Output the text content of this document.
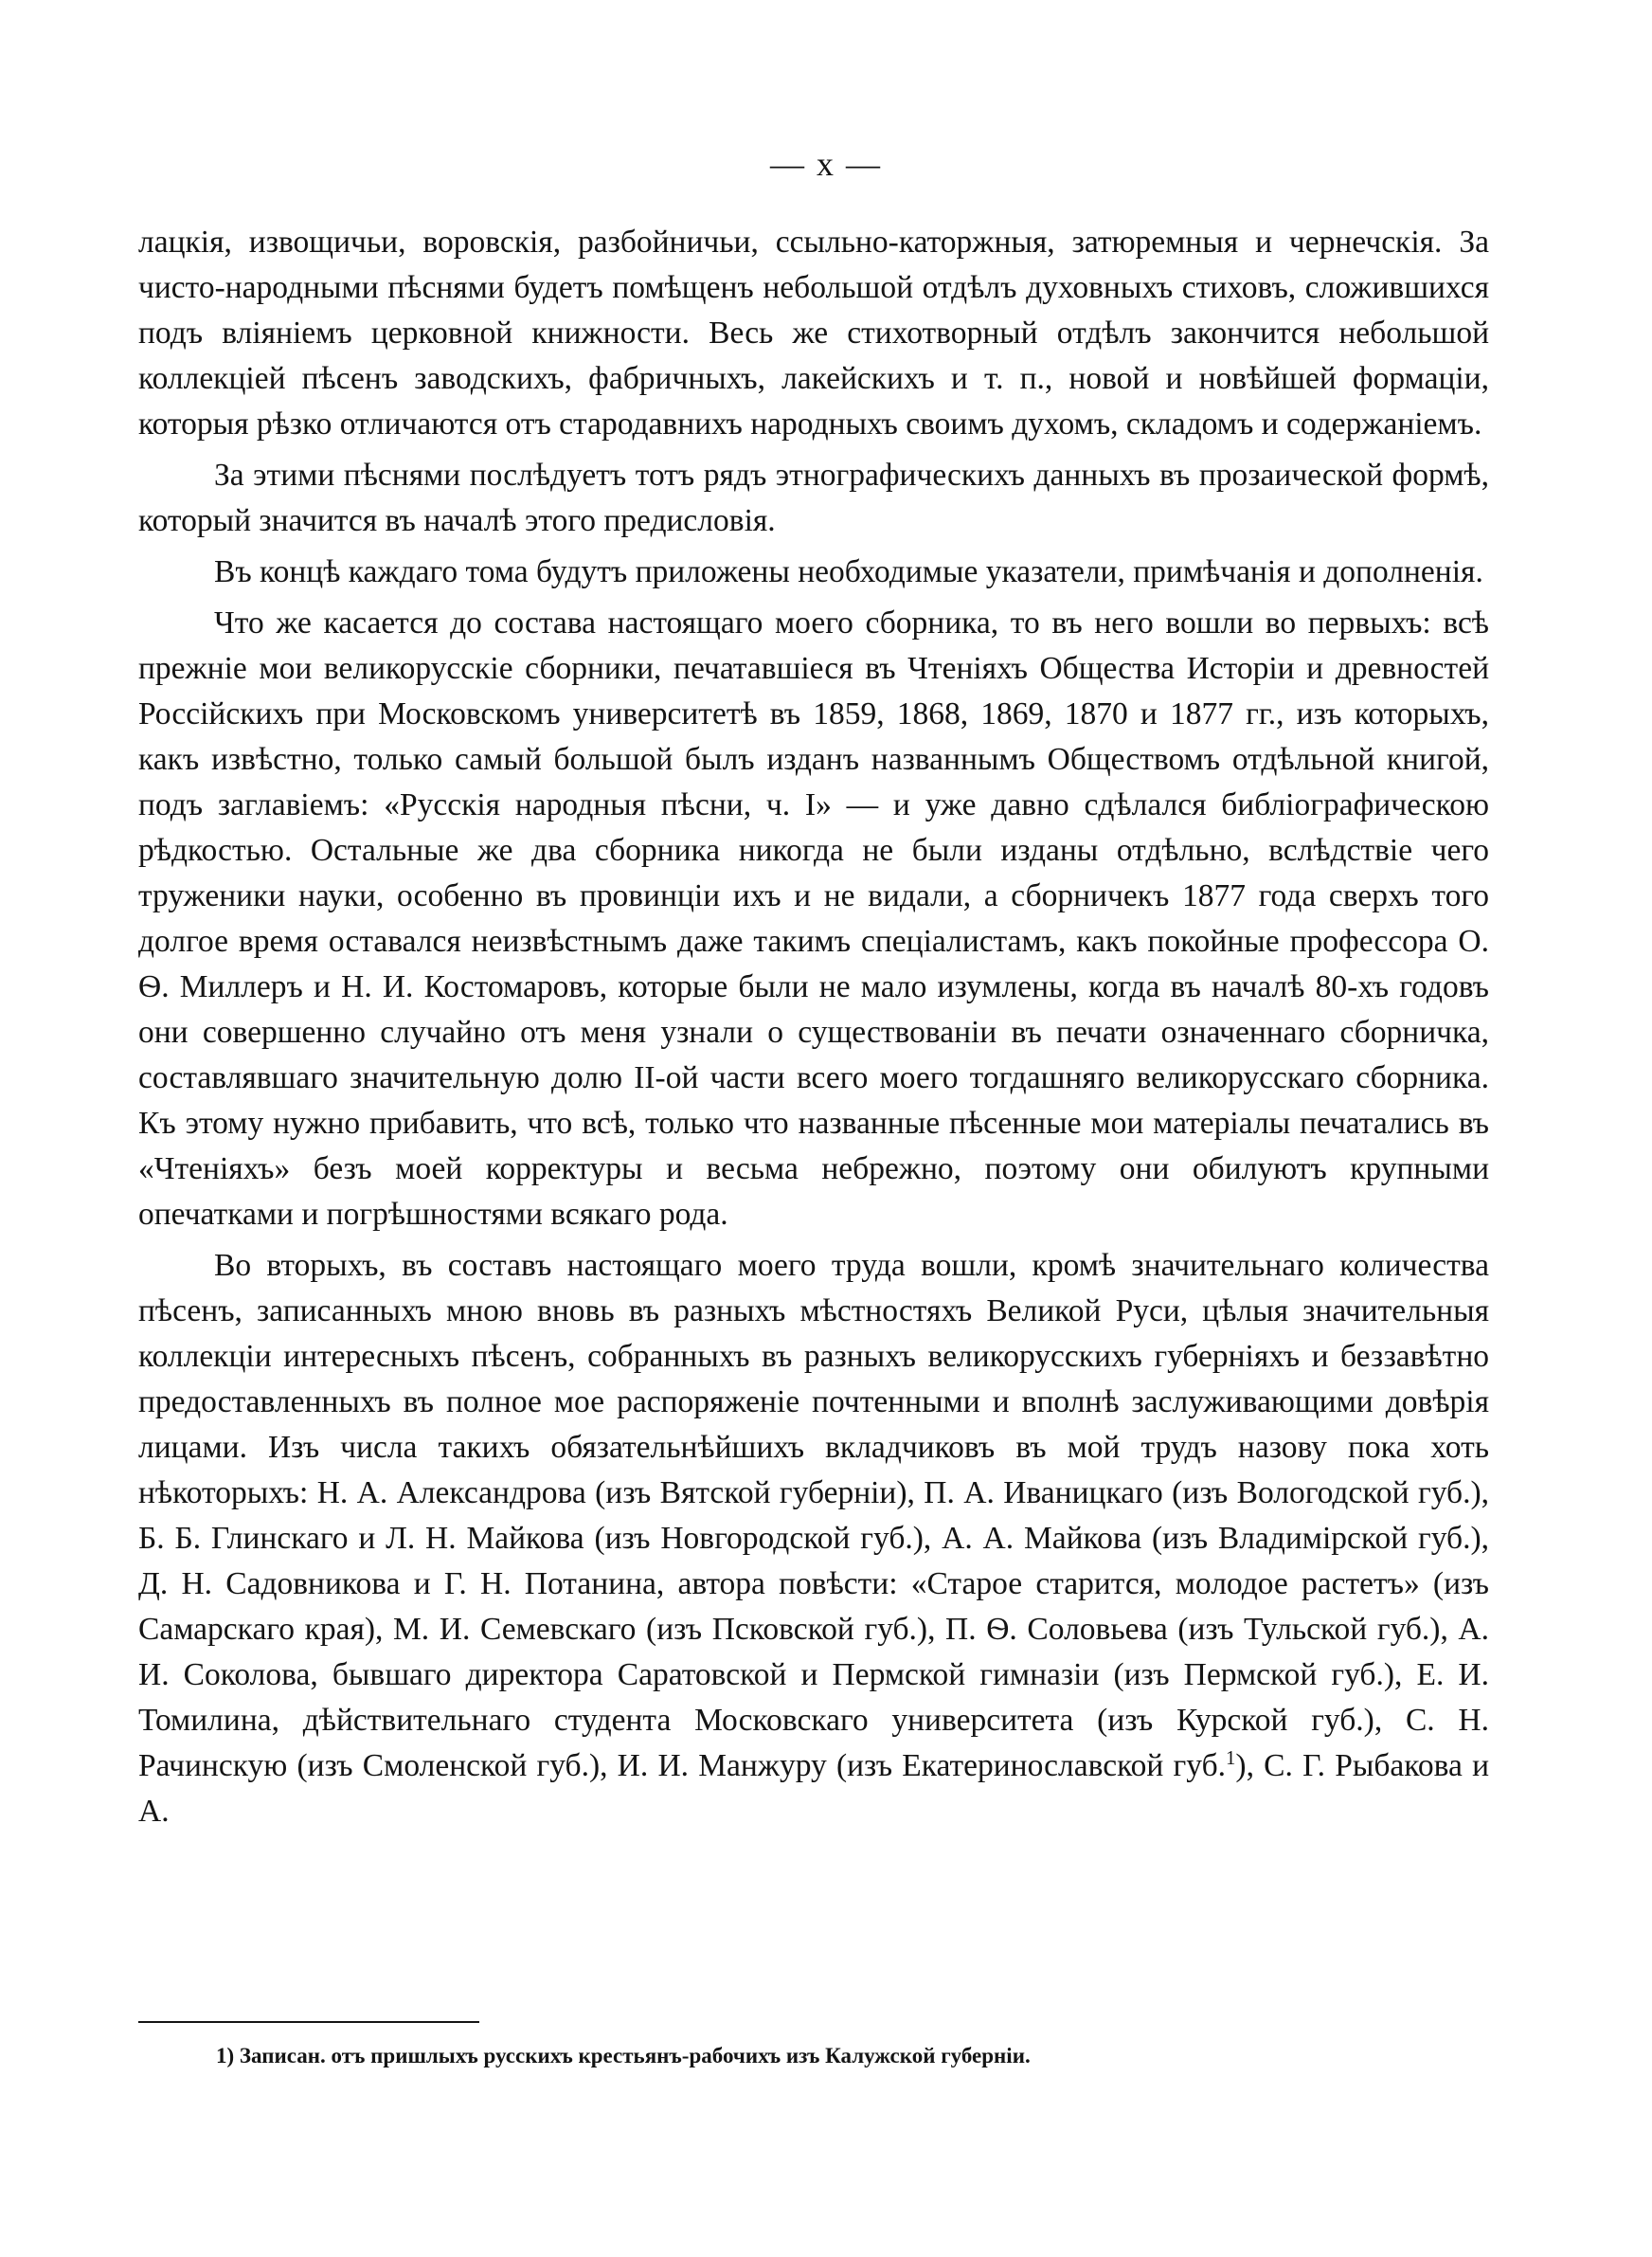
— x —

лацкія, извощичьи, воровскія, разбойничьи, ссыльно-каторжныя, затюремныя и чернечскія. За чисто-народными пѣснями будетъ помѣщенъ небольшой отдѣлъ духовныхъ стиховъ, сложившихся подъ вліяніемъ церковной книжности. Весь же стихотворный отдѣлъ закончится небольшой коллекціей пѣсенъ заводскихъ, фабричныхъ, лакейскихъ и т. п., новой и новѣйшей формаціи, которыя рѣзко отличаются отъ стародавнихъ народныхъ своимъ духомъ, складомъ и содержаніемъ.

За этими пѣснями послѣдуетъ тотъ рядъ этнографическихъ данныхъ въ прозаической формѣ, который значится въ началѣ этого предисловія.

Въ концѣ каждаго тома будутъ приложены необходимые указатели, примѣчанія и дополненія.

Что же касается до состава настоящаго моего сборника, то въ него вошли во первыхъ: всѣ прежніе мои великорусскіе сборники, печатавшіеся въ Чтеніяхъ Общества Исторіи и древностей Россійскихъ при Московскомъ университетѣ въ 1859, 1868, 1869, 1870 и 1877 гг., изъ которыхъ, какъ извѣстно, только самый большой былъ изданъ названнымъ Обществомъ отдѣльной книгой, подъ заглавіемъ: «Русскія народныя пѣсни, ч. I» — и уже давно сдѣлался библіографическою рѣдкостью. Остальные же два сборника никогда не были изданы отдѣльно, вслѣдствіе чего труженики науки, особенно въ провинціи ихъ и не видали, а сборничекъ 1877 года сверхъ того долгое время оставался неизвѣстнымъ даже такимъ спеціалистамъ, какъ покойные профессора О. Ѳ. Миллеръ и Н. И. Костомаровъ, которые были не мало изумлены, когда въ началѣ 80-хъ годовъ они совершенно случайно отъ меня узнали о существованіи въ печати означеннаго сборничка, составлявшаго значительную долю II-ой части всего моего тогдашняго великорусскаго сборника. Къ этому нужно прибавить, что всѣ, только что названные пѣсенные мои матеріалы печатались въ «Чтеніяхъ» безъ моей корректуры и весьма небрежно, поэтому они обилуютъ крупными опечатками и погрѣшностями всякаго рода.

Во вторыхъ, въ составъ настоящаго моего труда вошли, кромѣ значительнаго количества пѣсенъ, записанныхъ мною вновь въ разныхъ мѣстностяхъ Великой Руси, цѣлыя значительныя коллекціи интересныхъ пѣсенъ, собранныхъ въ разныхъ великорусскихъ губерніяхъ и беззавѣтно предоставленныхъ въ полное мое распоряженіе почтенными и вполнѣ заслуживающими довѣрія лицами. Изъ числа такихъ обязательнѣйшихъ вкладчиковъ въ мой трудъ назову пока хоть нѣкоторыхъ: Н. А. Александрова (изъ Вятской губерніи), П. А. Иваницкаго (изъ Вологодской губ.), Б. Б. Глинскаго и Л. Н. Майкова (изъ Новгородской губ.), А. А. Майкова (изъ Владимірской губ.), Д. Н. Садовникова и Г. Н. Потанина, автора повѣсти: «Старое старится, молодое растетъ» (изъ Самарскаго края), М. И. Семевскаго (изъ Псковской губ.), П. Ѳ. Соловьева (изъ Тульской губ.), А. И. Соколова, бывшаго директора Саратовской и Пермской гимназіи (изъ Пермской губ.), Е. И. Томилина, дѣйствительнаго студента Московскаго университета (изъ Курской губ.), С. Н. Рачинскую (изъ Смоленской губ.), И. И. Манжуру (изъ Екатеринославской губ.$^1$), С. Г. Рыбакова и А.

1) Записан. отъ пришлыхъ русскихъ крестьянъ-рабочихъ изъ Калужской губерніи.
